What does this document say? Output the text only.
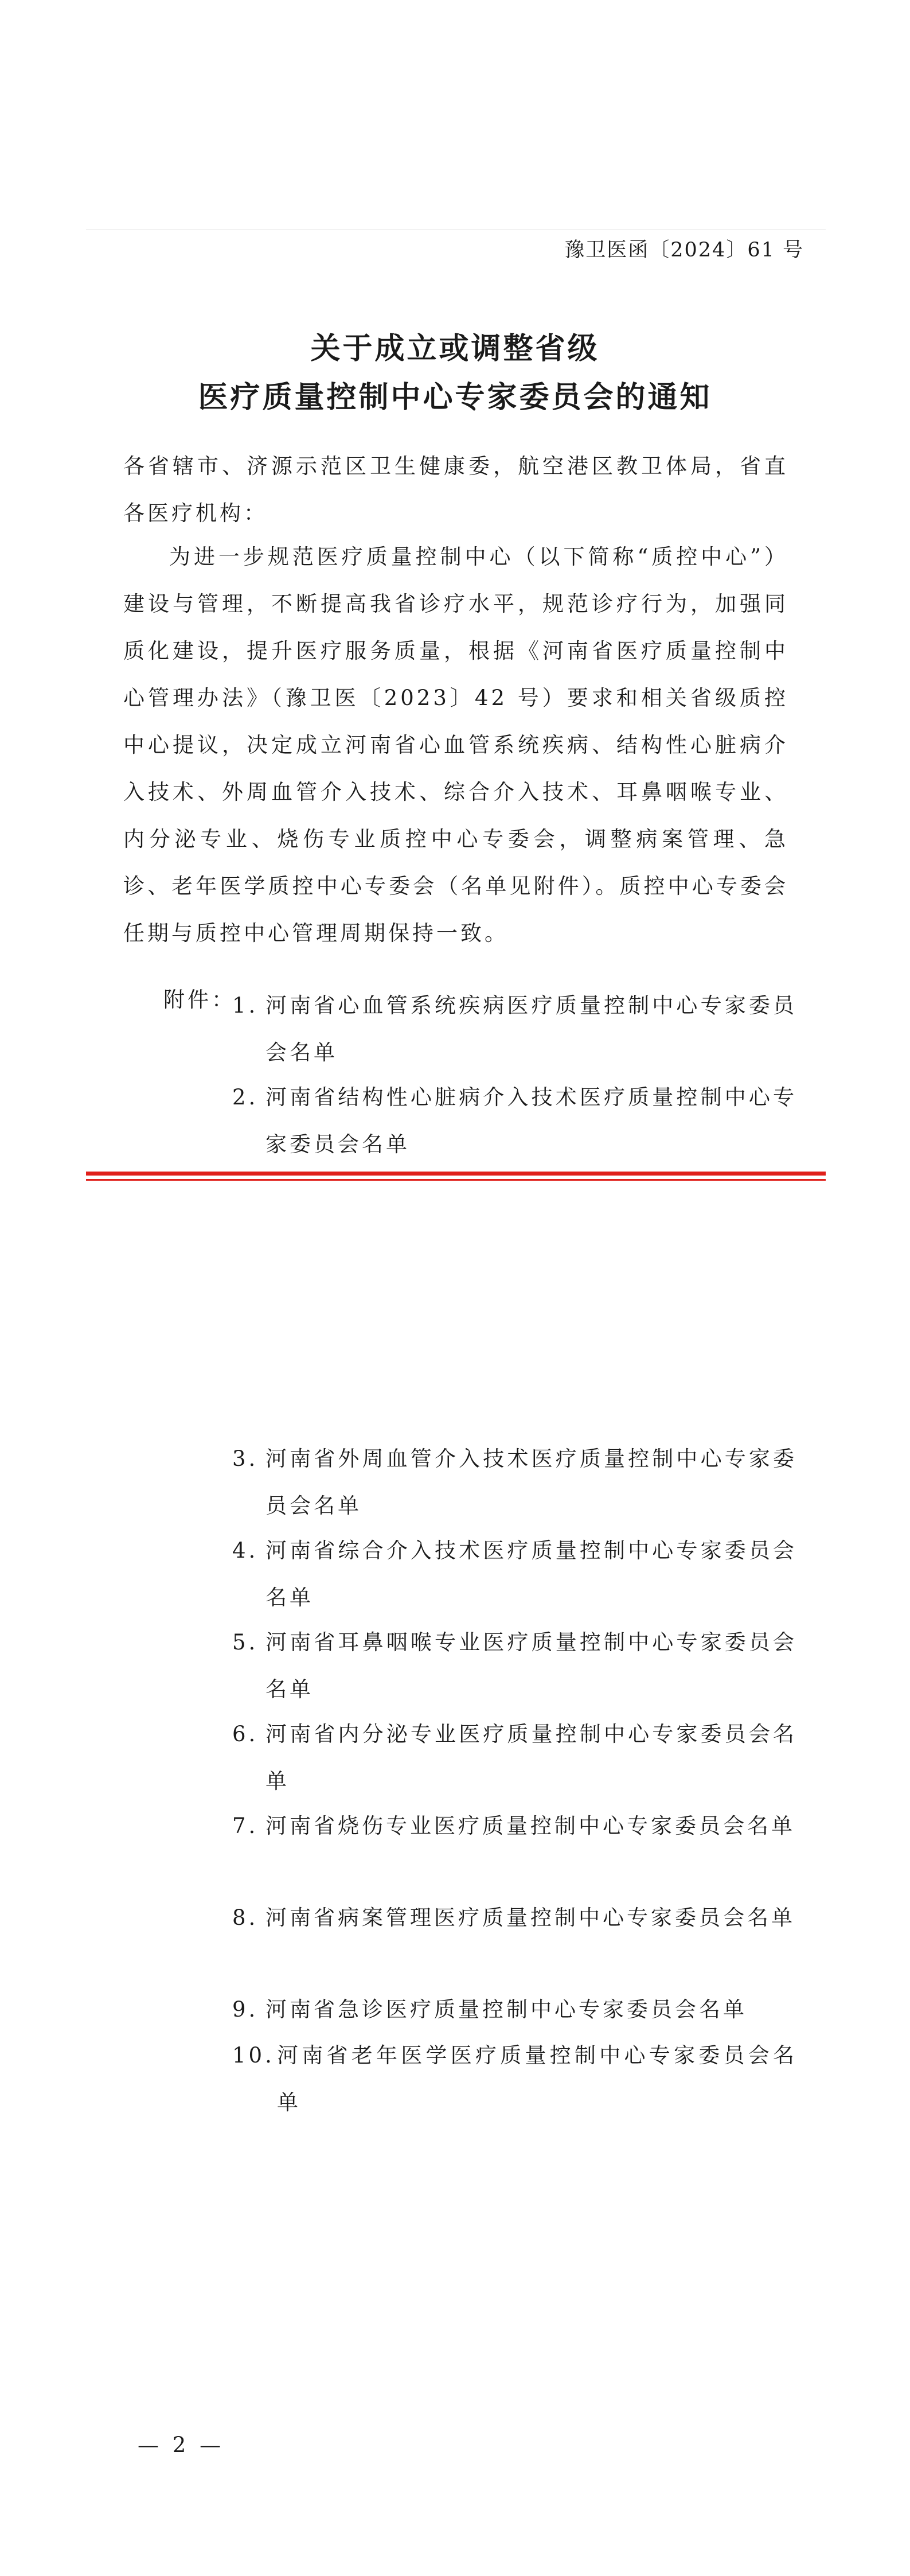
豫卫医函〔2024〕61 号
关于成立或调整省级
医疗质量控制中心专家委员会的通知
各省辖市、济源示范区卫生健康委，航空港区教卫体局，省直各医疗机构：
为进一步规范医疗质量控制中心（以下简称“质控中心”）建设与管理，不断提高我省诊疗水平，规范诊疗行为，加强同质化建设，提升医疗服务质量，根据《河南省医疗质量控制中心管理办法》（豫卫医〔2023〕42 号）要求和相关省级质控中心提议，决定成立河南省心血管系统疾病、结构性心脏病介入技术、外周血管介入技术、综合介入技术、耳鼻咽喉专业、内分泌专业、烧伤专业质控中心专委会，调整病案管理、急诊、老年医学质控中心专委会（名单见附件）。质控中心专委会任期与质控中心管理周期保持一致。
附件：
1. 河南省心血管系统疾病医疗质量控制中心专家委员会名单
2. 河南省结构性心脏病介入技术医疗质量控制中心专家委员会名单
3. 河南省外周血管介入技术医疗质量控制中心专家委员会名单
4. 河南省综合介入技术医疗质量控制中心专家委员会名单
5. 河南省耳鼻咽喉专业医疗质量控制中心专家委员会名单
6. 河南省内分泌专业医疗质量控制中心专家委员会名单
7. 河南省烧伤专业医疗质量控制中心专家委员会名单
8. 河南省病案管理医疗质量控制中心专家委员会名单
9. 河南省急诊医疗质量控制中心专家委员会名单
10. 河南省老年医学医疗质量控制中心专家委员会名单
— 2 —
